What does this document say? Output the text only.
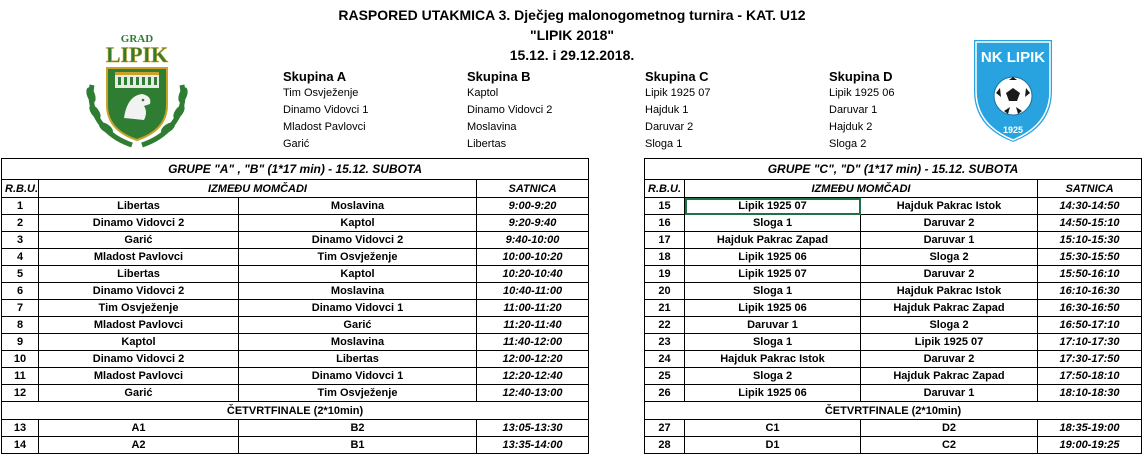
RASPORED UTAKMICA 3. Dječjeg malonogometnog turnira - KAT. U12
"LIPIK 2018"
15.12. i 29.12.2018.
GRAD
LIPIK	NK LIPIK
1925
Skupina A
Tim Osvježenje
Dinamo Vidovci 1
Mladost Pavlovci
Garić
Skupina B
Kaptol
Dinamo Vidovci 2
Moslavina
Libertas
Skupina C
Lipik 1925 07
Hajduk 1
Daruvar 2
Sloga 1
Skupina D
Lipik 1925 06
Daruvar 1
Hajduk 2
Sloga 2
GRUPE "A" , "B" (1*17 min) - 15.12. SUBOTA			
R.B.U.	IZMEĐU MOMČADI		SATNICA
1	Libertas	Moslavina	9:00-9:20
2	Dinamo Vidovci 2	Kaptol	9:20-9:40
3	Garić	Dinamo Vidovci 2	9:40-10:00
4	Mladost Pavlovci	Tim Osvježenje	10:00-10:20
5	Libertas	Kaptol	10:20-10:40
6	Dinamo Vidovci 2	Moslavina	10:40-11:00
7	Tim Osvježenje	Dinamo Vidovci 1	11:00-11:20
8	Mladost Pavlovci	Garić	11:20-11:40
9	Kaptol	Moslavina	11:40-12:00
10	Dinamo Vidovci 2	Libertas	12:00-12:20
11	Mladost Pavlovci	Dinamo Vidovci 1	12:20-12:40
12	Garić	Tim Osvježenje	12:40-13:00
ČETVRTFINALE (2*10min)			
13	A1	B2	13:05-13:30
14	A2	B1	13:35-14:00
GRUPE "C", "D" (1*17 min) - 15.12. SUBOTA			
R.B.U.	IZMEĐU MOMČADI		SATNICA
15	Lipik 1925 07	Hajduk Pakrac Istok	14:30-14:50
16	Sloga 1	Daruvar 2	14:50-15:10
17	Hajduk Pakrac Zapad	Daruvar 1	15:10-15:30
18	Lipik 1925 06	Sloga 2	15:30-15:50
19	Lipik 1925 07	Daruvar 2	15:50-16:10
20	Sloga 1	Hajduk Pakrac Istok	16:10-16:30
21	Lipik 1925 06	Hajduk Pakrac Zapad	16:30-16:50
22	Daruvar 1	Sloga 2	16:50-17:10
23	Sloga 1	Lipik 1925 07	17:10-17:30
24	Hajduk Pakrac Istok	Daruvar 2	17:30-17:50
25	Sloga 2	Hajduk Pakrac Zapad	17:50-18:10
26	Lipik 1925 06	Daruvar 1	18:10-18:30
ČETVRTFINALE (2*10min)			
27	C1	D2	18:35-19:00
28	D1	C2	19:00-19:25
